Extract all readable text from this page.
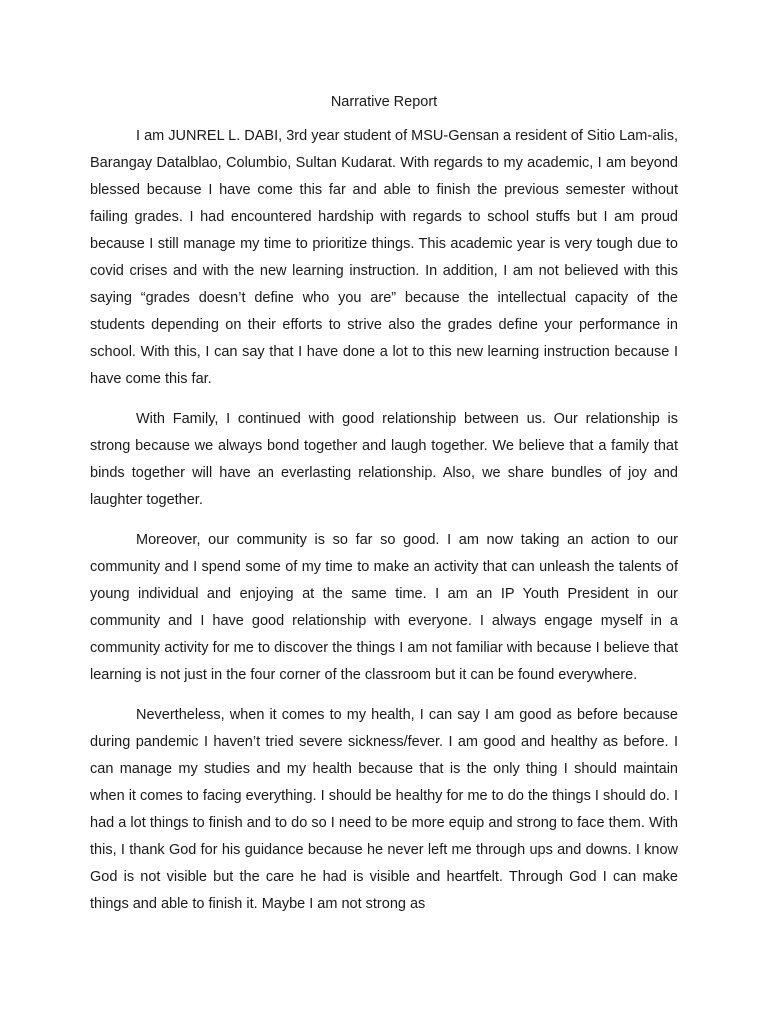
Narrative Report

I am JUNREL L. DABI, 3rd year student of MSU-Gensan a resident of Sitio Lam-alis, Barangay Datalblao, Columbio, Sultan Kudarat. With regards to my academic, I am beyond blessed because I have come this far and able to finish the previous semester without failing grades. I had encountered hardship with regards to school stuffs but I am proud because I still manage my time to prioritize things. This academic year is very tough due to covid crises and with the new learning instruction. In addition, I am not believed with this saying “grades doesn’t define who you are” because the intellectual capacity of the students depending on their efforts to strive also the grades define your performance in school. With this, I can say that I have done a lot to this new learning instruction because I have come this far.

With Family, I continued with good relationship between us. Our relationship is strong because we always bond together and laugh together. We believe that a family that binds together will have an everlasting relationship. Also, we share bundles of joy and laughter together.

Moreover, our community is so far so good. I am now taking an action to our community and I spend some of my time to make an activity that can unleash the talents of young individual and enjoying at the same time. I am an IP Youth President in our community and I have good relationship with everyone. I always engage myself in a community activity for me to discover the things I am not familiar with because I believe that learning is not just in the four corner of the classroom but it can be found everywhere.

Nevertheless, when it comes to my health, I can say I am good as before because during pandemic I haven’t tried severe sickness/fever. I am good and healthy as before. I can manage my studies and my health because that is the only thing I should maintain when it comes to facing everything. I should be healthy for me to do the things I should do. I had a lot things to finish and to do so I need to be more equip and strong to face them. With this, I thank God for his guidance because he never left me through ups and downs. I know God is not visible but the care he had is visible and heartfelt. Through God I can make things and able to finish it. Maybe I am not strong as
